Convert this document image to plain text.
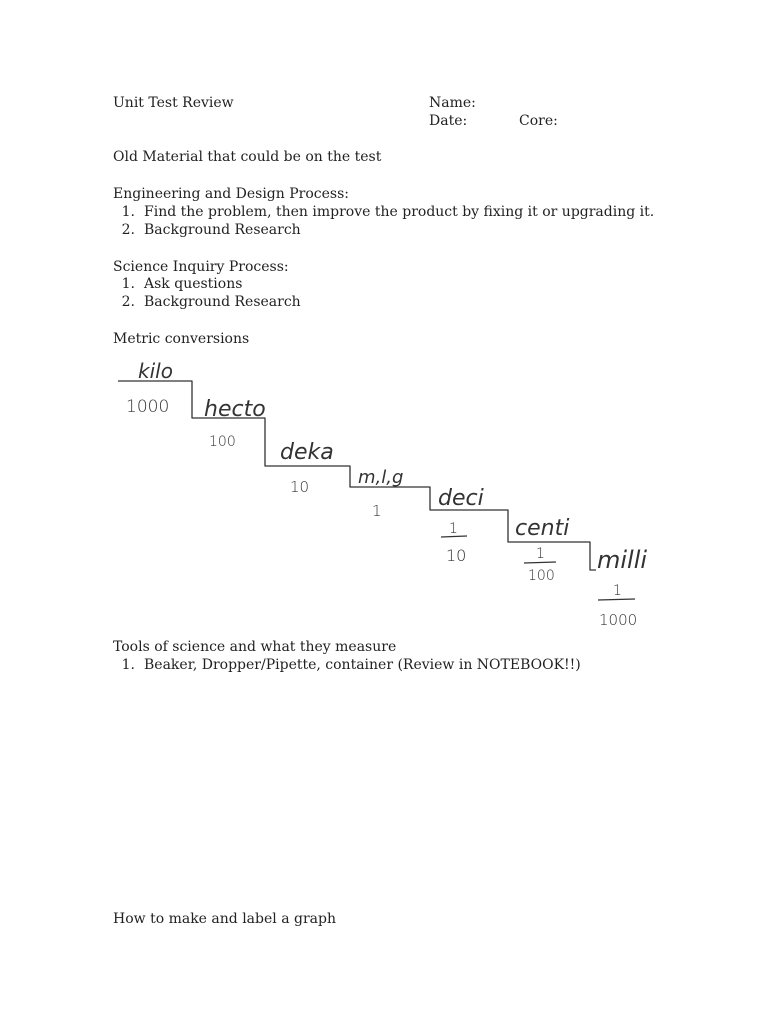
Unit Test Review	Name:

Date:	Core:

Old Material that could be on the test

Engineering and Design Process:

1. Find the problem, then improve the product by fixing it or upgrading it.
2. Background Research

Science Inquiry Process:

1. Ask questions
2. Background Research

Metric conversions

kilo
1000 hecto
100 deka
10	m,l,g
1	deci
1
10
centi
1
100
milli
1
1000

Tools of science and what they measure

1. Beaker, Dropper/Pipette, container (Review in NOTEBOOK!!)

How to make and label a graph
